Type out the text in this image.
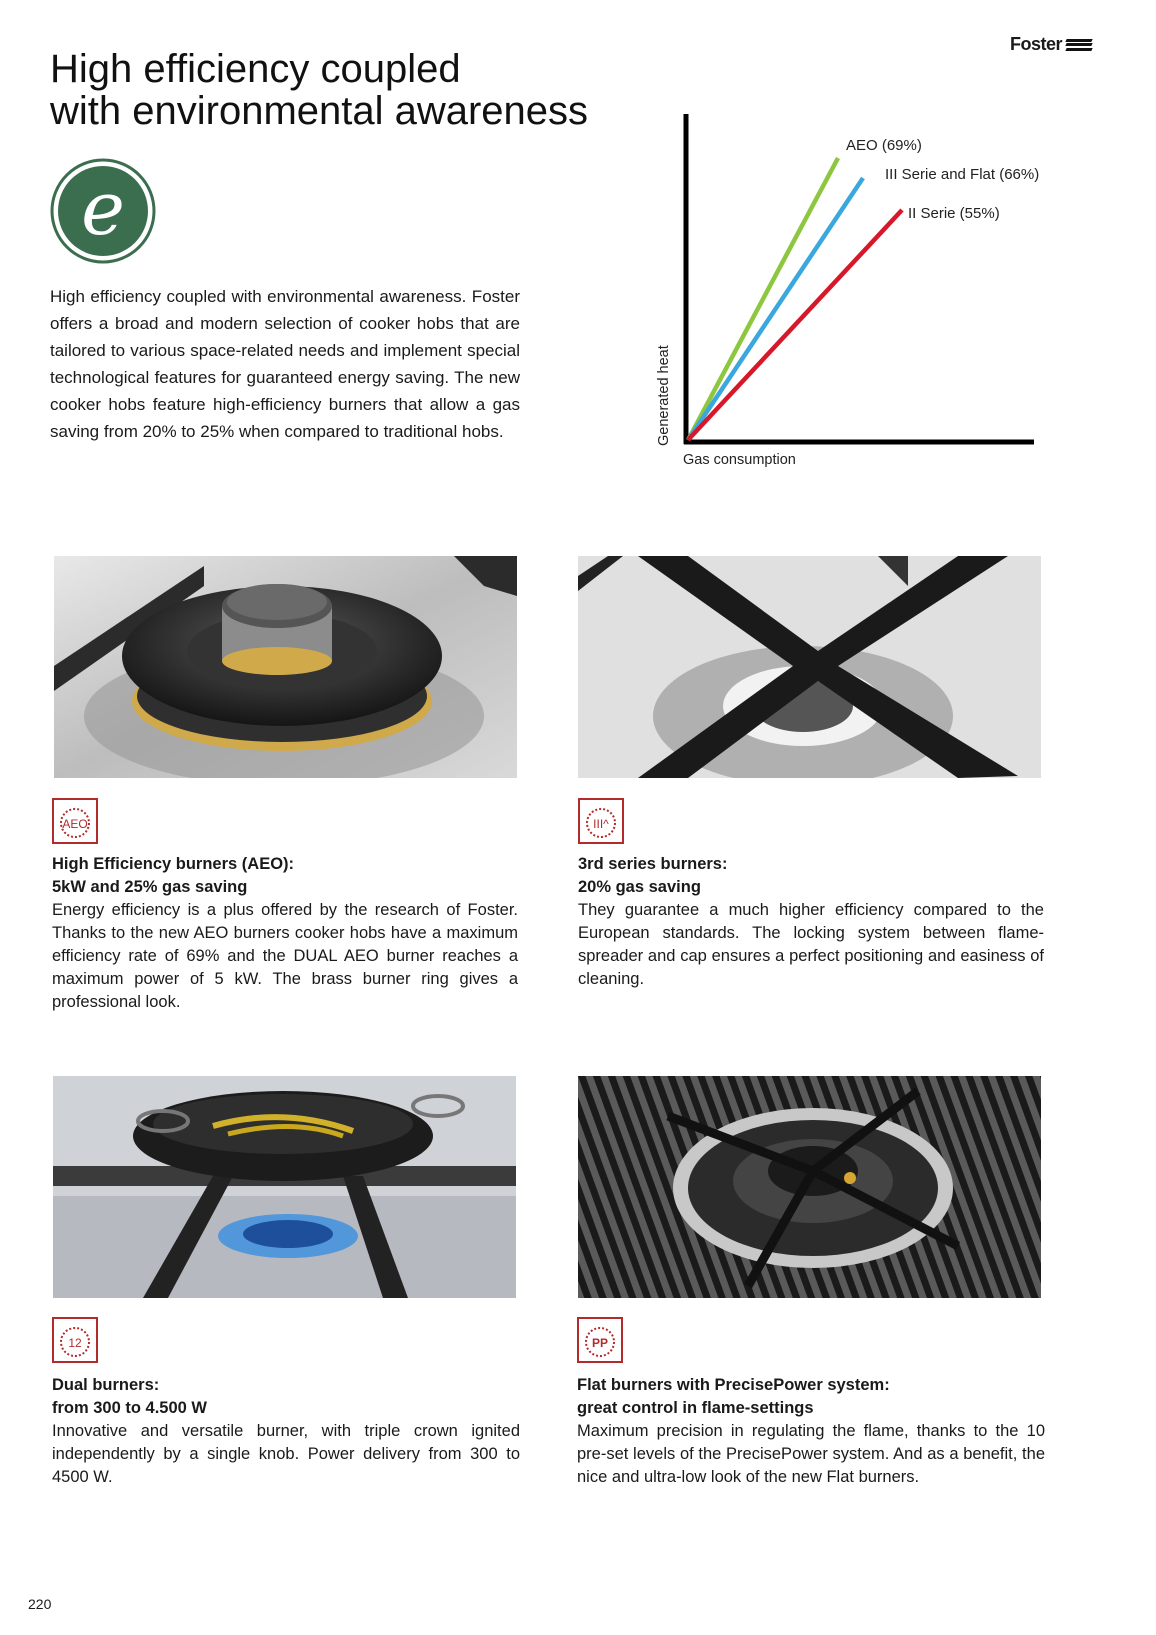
High efficiency coupled
with environmental awareness
Foster
e
High efficiency coupled with environmental awareness. Foster offers a broad and modern selection of cooker hobs that are tailored to various space-related needs and implement special technological features for guaranteed energy saving. The new cooker hobs feature high-efficiency burners that allow a gas saving from 20% to 25% when compared to traditional hobs.
AEO (69%)
III Serie and Flat (66%)
II Serie (55%)
Gas consumption
Generated heat
AEO
High Efficiency burners (AEO):
5kW and 25% gas saving

Energy efficiency is a plus offered by the research of Foster. Thanks to the new AEO burners cooker hobs have a maximum efficiency rate of 69% and the DUAL AEO burner reaches a maximum power of 5 kW. The brass burner ring gives a professional look.

III^
3rd series burners:
20% gas saving

They guarantee a much higher efficiency compared to the European standards. The locking system between flame-spreader and cap ensures a perfect positioning and easiness of cleaning.

12
Dual burners:
from 300 to 4.500 W

Innovative and versatile burner, with triple crown ignited independently by a single knob. Power delivery from 300 to 4500 W.

PP
Flat burners with PrecisePower system:
great control in flame-settings

Maximum precision in regulating the flame, thanks to the 10 pre-set levels of the PrecisePower system. And as a benefit, the nice and ultra-low look of the new Flat burners.

220
